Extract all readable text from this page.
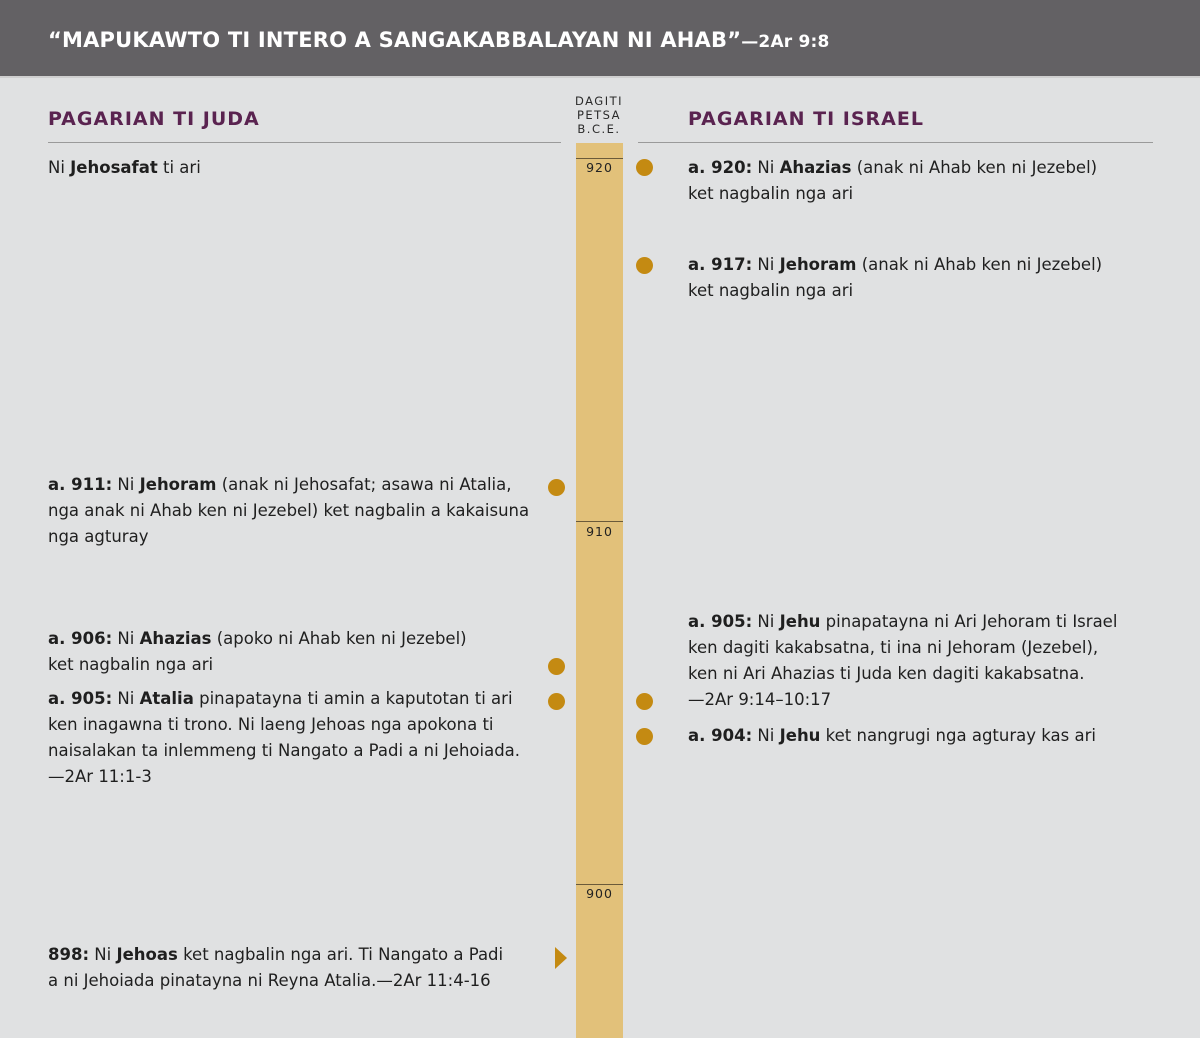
“MAPUKAWTO TI INTERO A SANGAKABBALAYAN NI AHAB”—2Ar 9:8
PAGARIAN TI JUDA	PAGARIAN TI ISRAEL
DAGITI
PETSA
B.C.E.
920
910
900
Ni Jehosafat ti ari
a. 911: Ni Jehoram (anak ni Jehosafat; asawa ni Atalia,
nga anak ni Ahab ken ni Jezebel) ket nagbalin a kakaisuna
nga agturay
a. 906: Ni Ahazias (apoko ni Ahab ken ni Jezebel)
ket nagbalin nga ari
a. 905: Ni Atalia pinapatayna ti amin a kaputotan ti ari
ken inagawna ti trono. Ni laeng Jehoas nga apokona ti
naisalakan ta inlemmeng ti Nangato a Padi a ni Jehoiada.
—2Ar 11:1-3
898: Ni Jehoas ket nagbalin nga ari. Ti Nangato a Padi
a ni Jehoiada pinatayna ni Reyna Atalia.—2Ar 11:4-16
a. 920: Ni Ahazias (anak ni Ahab ken ni Jezebel)
ket nagbalin nga ari
a. 917: Ni Jehoram (anak ni Ahab ken ni Jezebel)
ket nagbalin nga ari
a. 905: Ni Jehu pinapatayna ni Ari Jehoram ti Israel
ken dagiti kakabsatna, ti ina ni Jehoram (Jezebel),
ken ni Ari Ahazias ti Juda ken dagiti kakabsatna.
—2Ar 9:14–10:17
a. 904: Ni Jehu ket nangrugi nga agturay kas ari
